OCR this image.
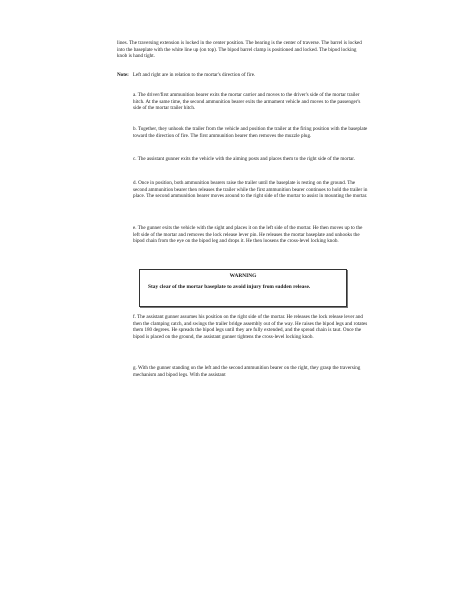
lines. The traversing extension is locked in the center position. The bearing is the center of traverse. The barrel is locked into the baseplate with the white line up (on top). The bipod barrel clamp is positioned and locked. The bipod locking knob is hand tight.

Note: Left and right are in relation to the mortar's direction of fire.

a. The driver/first ammunition bearer exits the mortar carrier and moves to the driver's side of the mortar trailer hitch. At the same time, the second ammunition bearer exits the armament vehicle and moves to the passenger's side of the mortar trailer hitch.

b. Together, they unhook the trailer from the vehicle and position the trailer at the firing position with the baseplate toward the direction of fire. The first ammunition bearer then removes the muzzle plug.

c. The assistant gunner exits the vehicle with the aiming posts and places them to the right side of the mortar.

d. Once in position, both ammunition bearers raise the trailer until the baseplate is resting on the ground. The second ammunition bearer then releases the trailer while the first ammunition bearer continues to hold the trailer in place. The second ammunition bearer moves around to the right side of the mortar to assist in mounting the mortar.

e. The gunner exits the vehicle with the sight and places it on the left side of the mortar. He then moves up to the left side of the mortar and removes the lock release lever pin. He releases the mortar baseplate and unhooks the bipod chain from the eye on the bipod leg and drops it. He then loosens the cross-level locking knob.

WARNING

Stay clear of the mortar baseplate to avoid injury from sudden release.

f. The assistant gunner assumes his position on the right side of the mortar. He releases the lock release lever and then the clamping catch, and swings the trailer bridge assembly out of the way. He raises the bipod legs and rotates them 180 degrees. He spreads the bipod legs until they are fully extended, and the spread chain is taut. Once the bipod is placed on the ground, the assistant gunner tightens the cross-level locking knob.

g. With the gunner standing on the left and the second ammunition bearer on the right, they grasp the traversing mechanism and bipod legs. With the assistant
